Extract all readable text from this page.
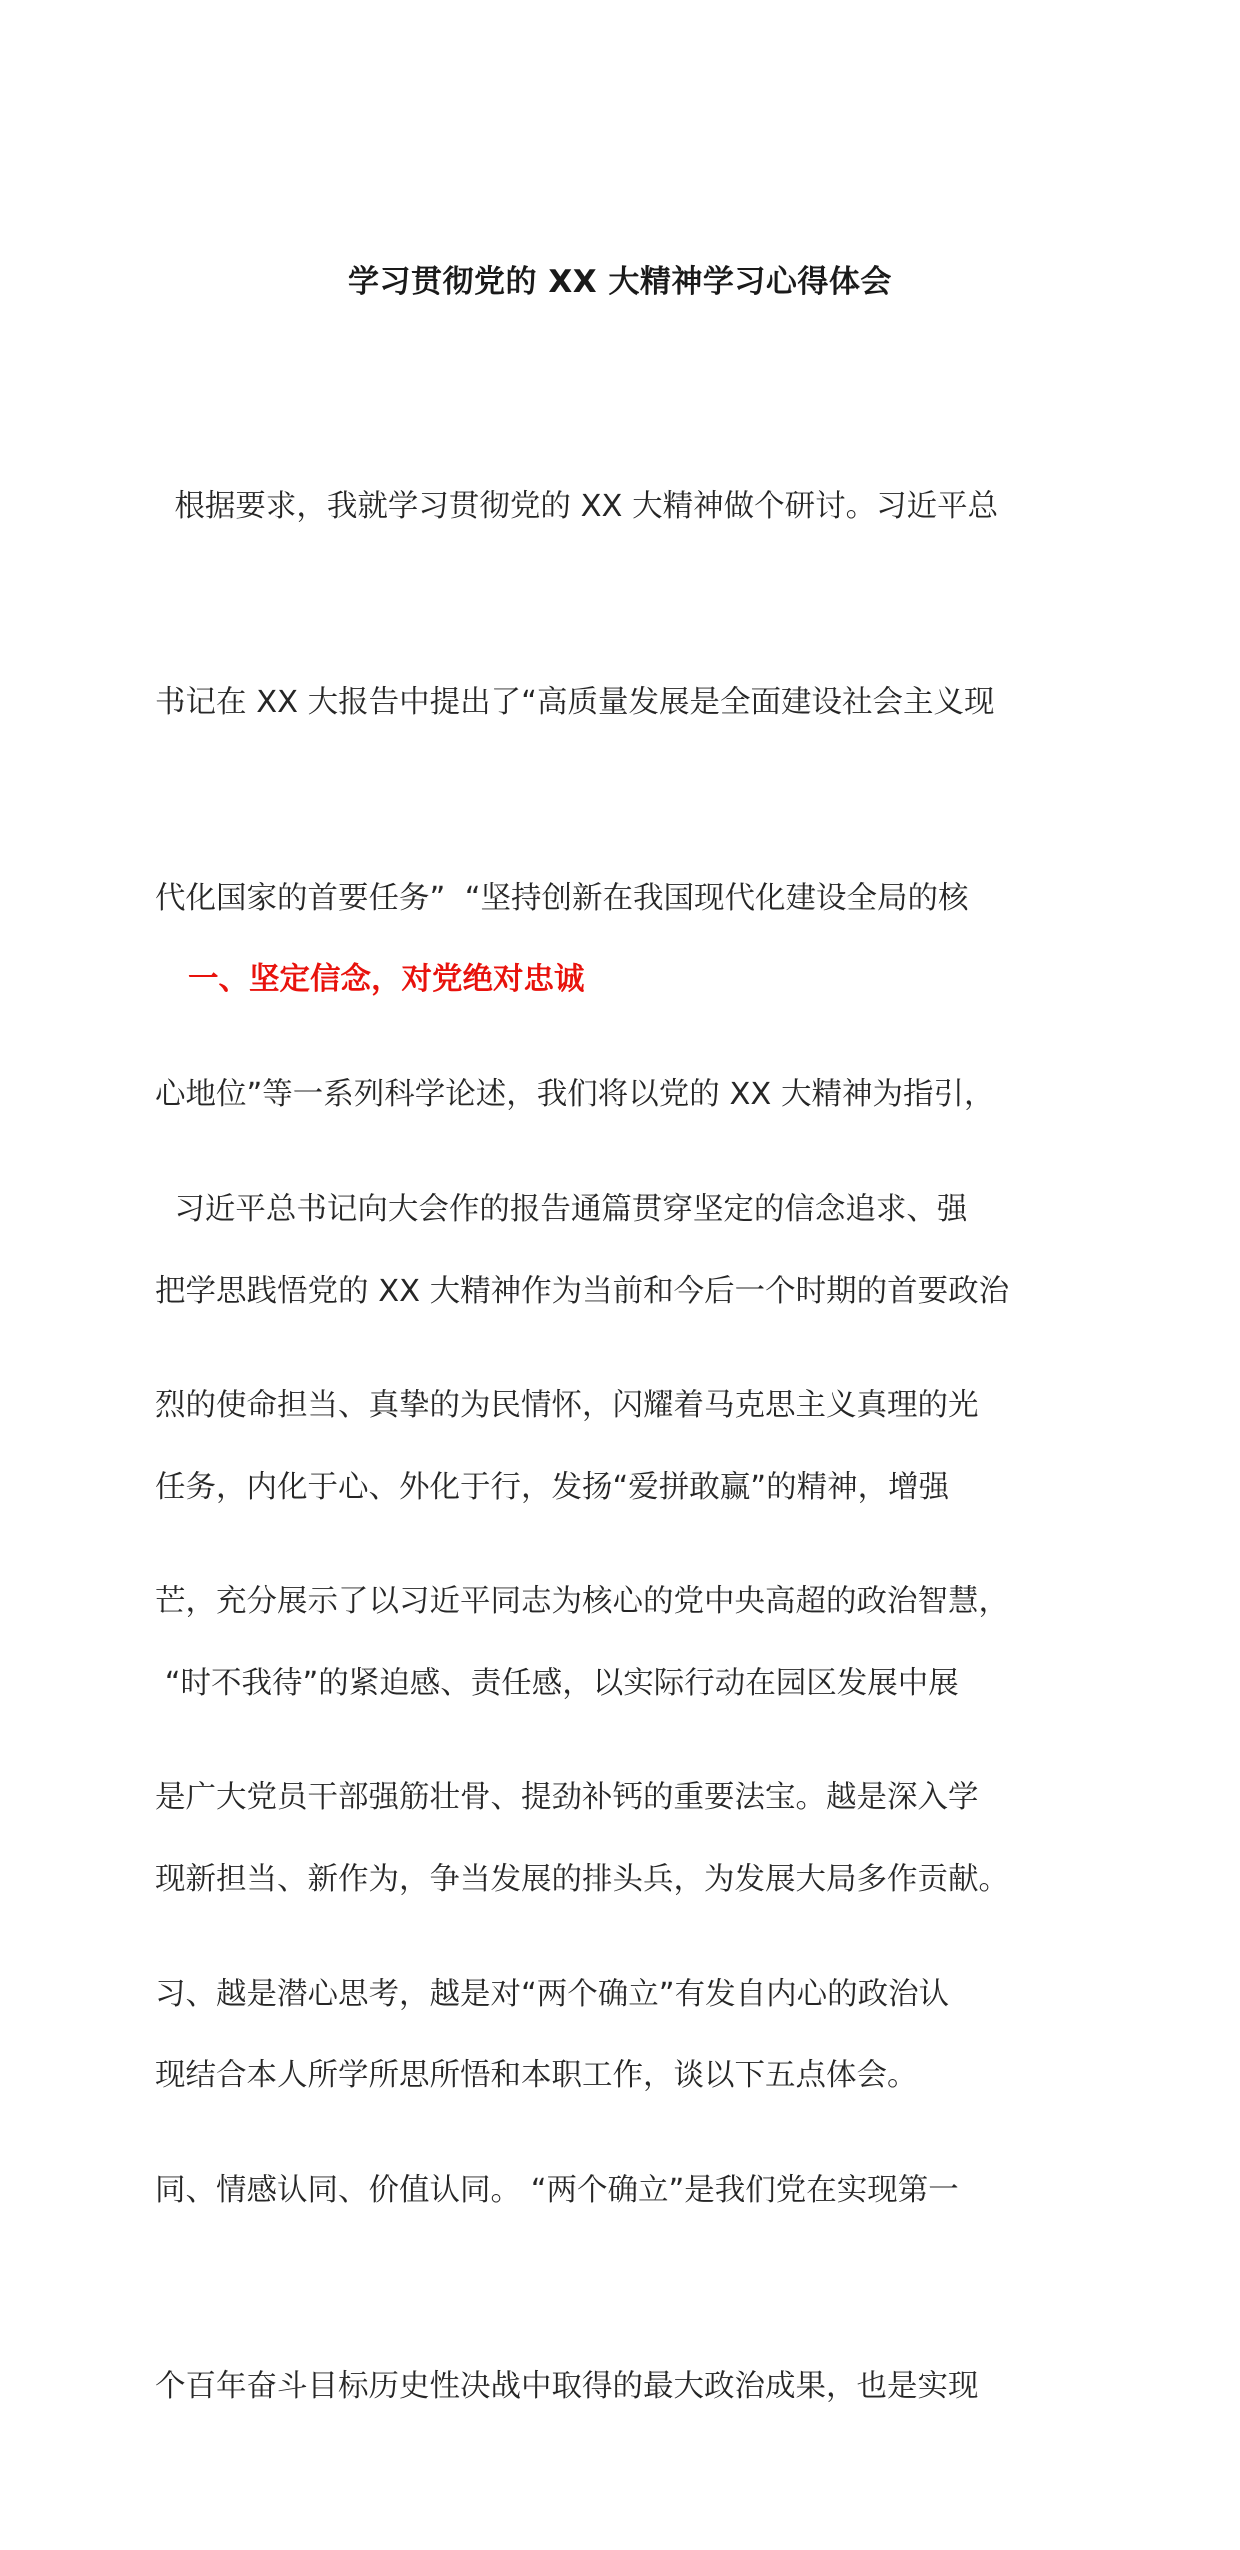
学习贯彻党的 XX 大精神学习心得体会

根据要求，我就学习贯彻党的 XX 大精神做个研讨。习近平总

书记在 XX 大报告中提出了“高质量发展是全面建设社会主义现

代化国家的首要任务”  “坚持创新在我国现代化建设全局的核

心地位”等一系列科学论述，我们将以党的 XX 大精神为指引，

把学思践悟党的 XX 大精神作为当前和今后一个时期的首要政治

任务，内化于心、外化于行，发扬“爱拼敢赢”的精神，增强

“时不我待”的紧迫感、责任感，以实际行动在园区发展中展

现新担当、新作为，争当发展的排头兵，为发展大局多作贡献。

现结合本人所学所思所悟和本职工作，谈以下五点体会。

一、坚定信念，对党绝对忠诚

习近平总书记向大会作的报告通篇贯穿坚定的信念追求、强

烈的使命担当、真挚的为民情怀，闪耀着马克思主义真理的光

芒，充分展示了以习近平同志为核心的党中央高超的政治智慧，

是广大党员干部强筋壮骨、提劲补钙的重要法宝。越是深入学

习、越是潜心思考，越是对“两个确立”有发自内心的政治认

同、情感认同、价值认同。 “两个确立”是我们党在实现第一

个百年奋斗目标历史性决战中取得的最大政治成果，也是实现
